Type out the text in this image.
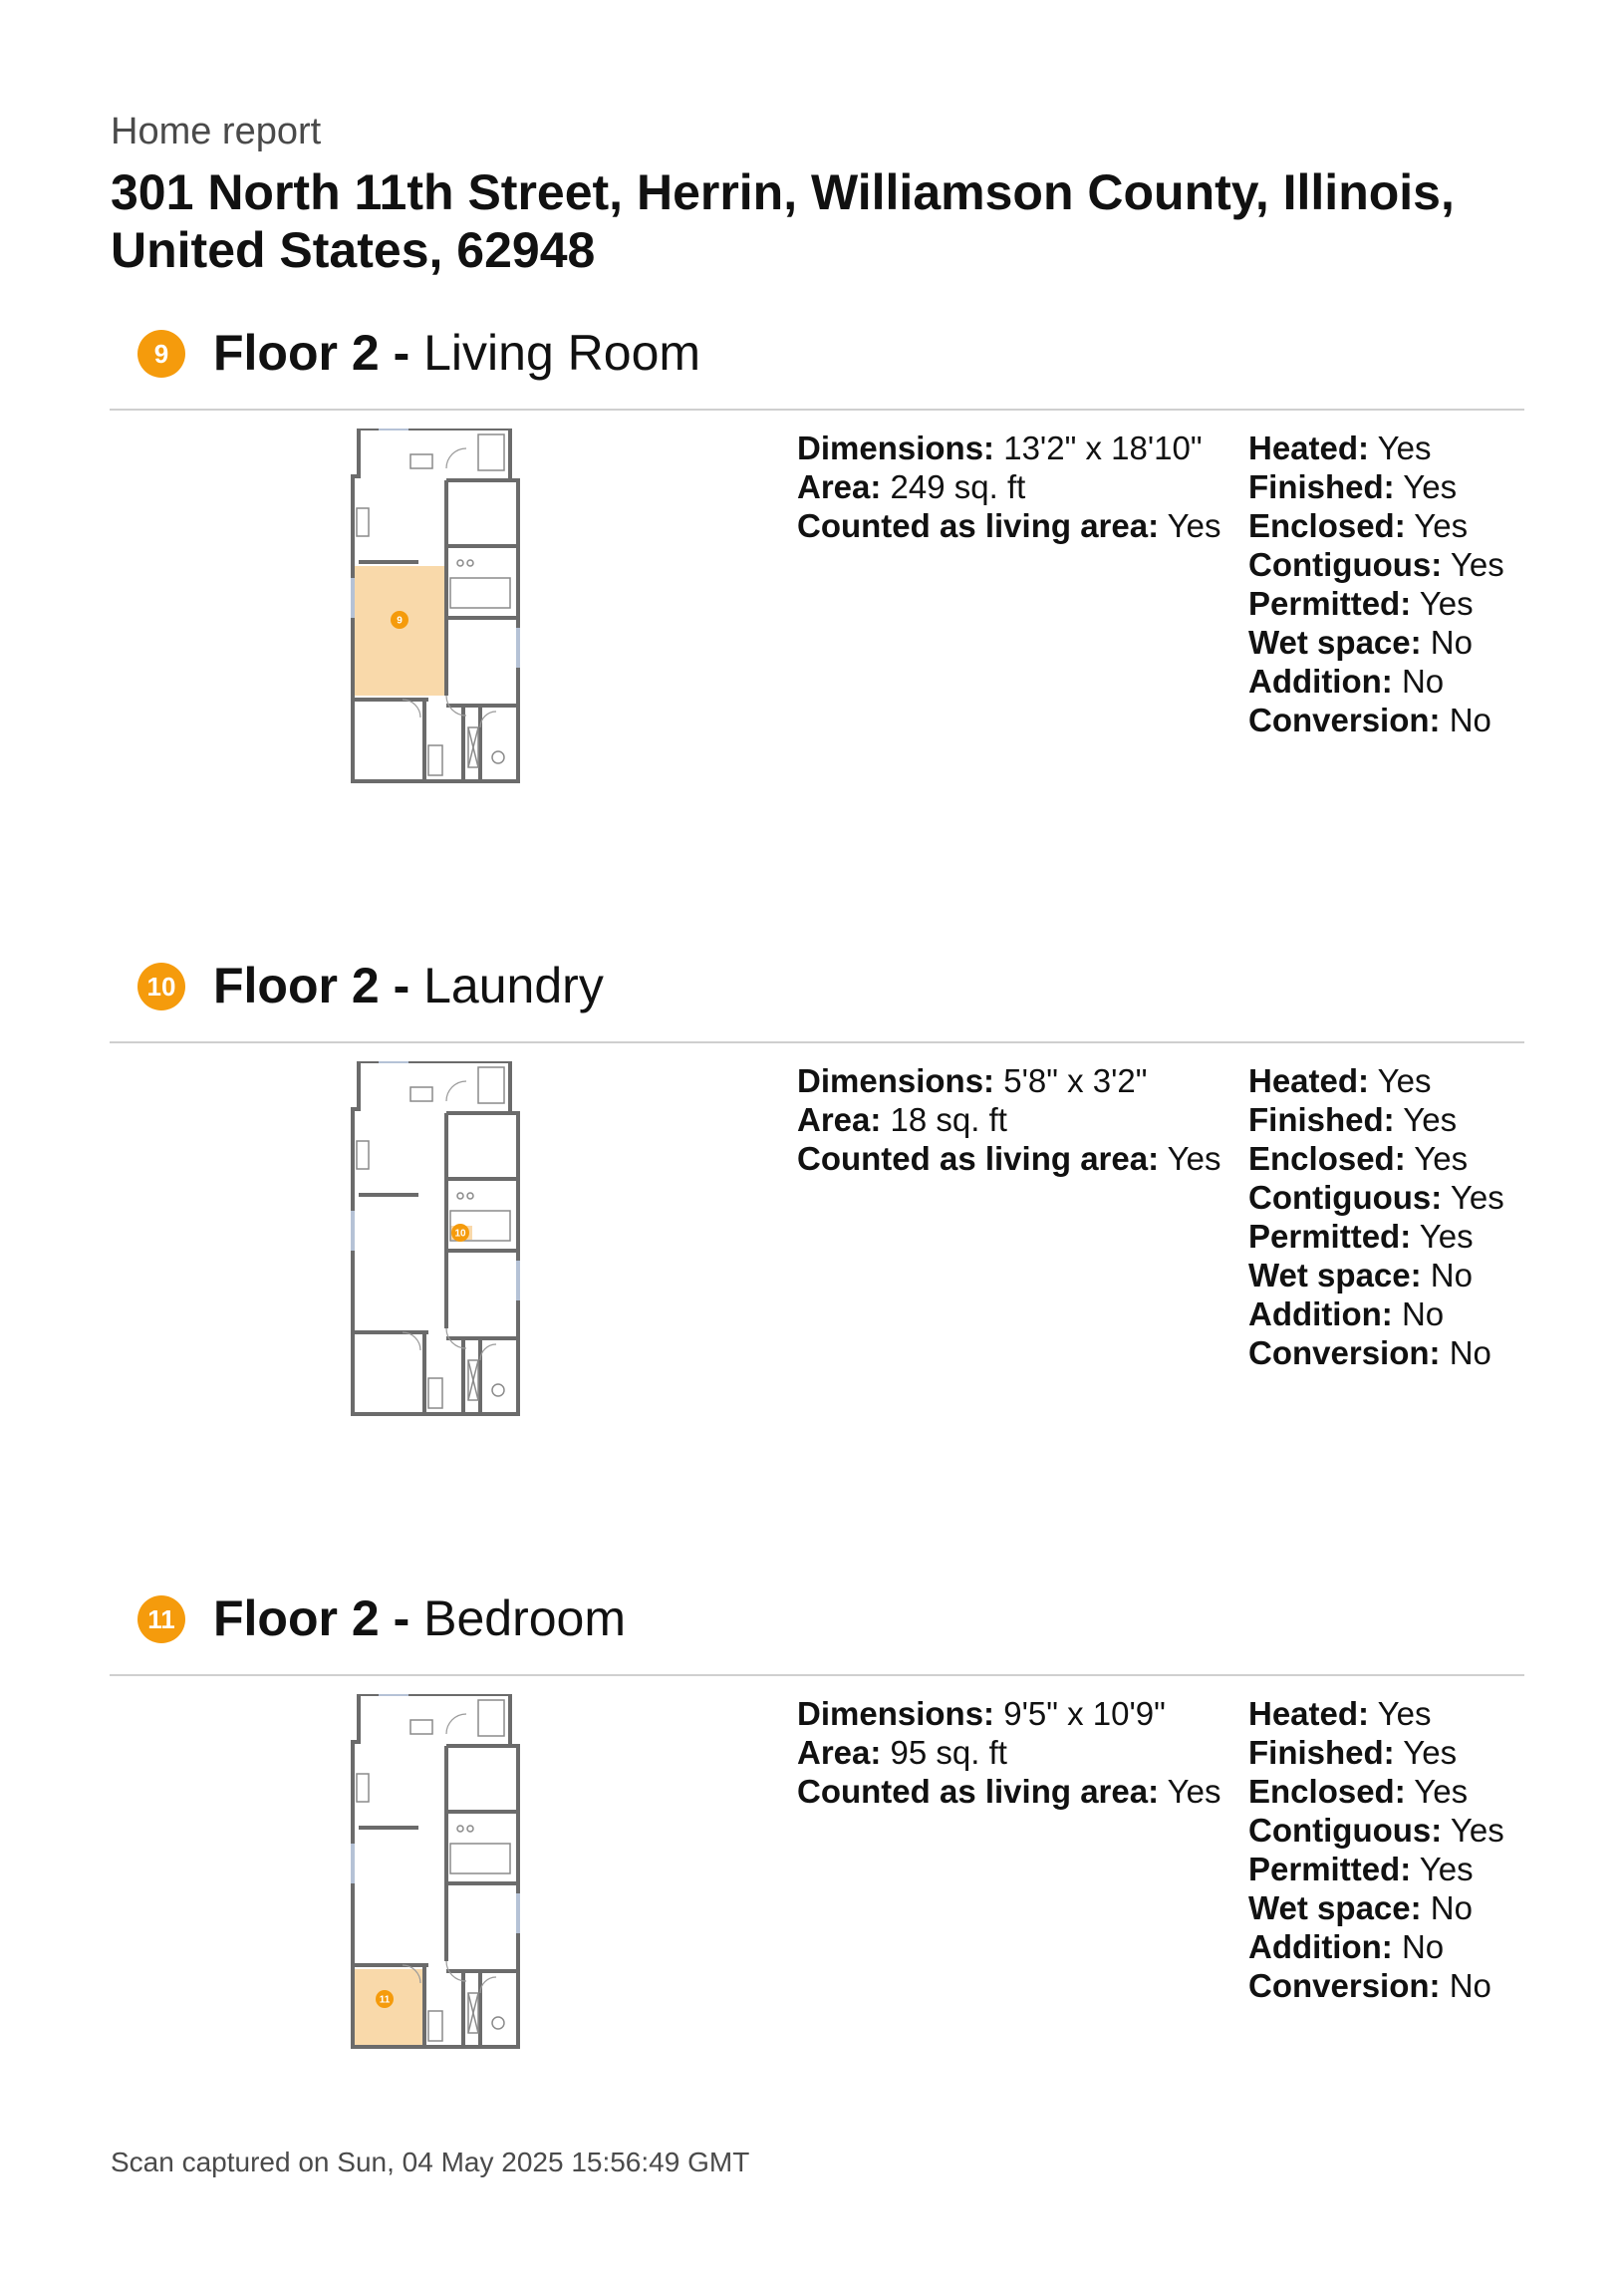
Home report
301 North 11th Street, Herrin, Williamson County, Illinois, United States, 62948
9 Floor 2 - Living Room
9
Dimensions: 13'2" x 18'10"
Area: 249 sq. ft
Counted as living area: Yes
Heated: Yes
Finished: Yes
Enclosed: Yes
Contiguous: Yes
Permitted: Yes
Wet space: No
Addition: No
Conversion: No
10 Floor 2 - Laundry
10
Dimensions: 5'8" x 3'2"
Area: 18 sq. ft
Counted as living area: Yes
Heated: Yes
Finished: Yes
Enclosed: Yes
Contiguous: Yes
Permitted: Yes
Wet space: No
Addition: No
Conversion: No
11 Floor 2 - Bedroom
11
Dimensions: 9'5" x 10'9"
Area: 95 sq. ft
Counted as living area: Yes
Heated: Yes
Finished: Yes
Enclosed: Yes
Contiguous: Yes
Permitted: Yes
Wet space: No
Addition: No
Conversion: No
Scan captured on Sun, 04 May 2025 15:56:49 GMT
